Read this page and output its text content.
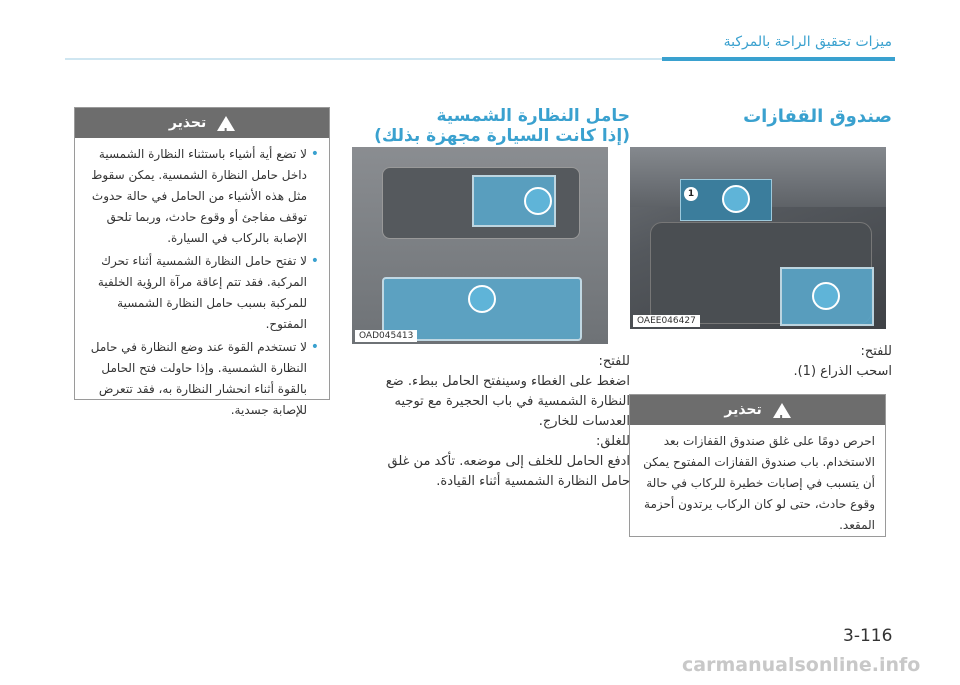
ميزات تحقيق الراحة بالمركبة
صندوق القفازات
1
OAEE046427
للفتح:
اسحب الذراع (1).
! تحذير
احرص دومًا على غلق صندوق القفازات بعد الاستخدام. باب صندوق القفازات المفتوح يمكن أن يتسبب في إصابات خطيرة للركاب في حالة وقوع حادث، حتى لو كان الركاب يرتدون أحزمة المقعد.
حامل النظارة الشمسية
(إذا كانت السيارة مجهزة بذلك)
OAD045413
للفتح:
اضغط على الغطاء وسينفتح الحامل ببطء. ضع النظارة الشمسية في باب الحجيرة مع توجيه العدسات للخارج.
للغلق:
ادفع الحامل للخلف إلى موضعه. تأكد من غلق حامل النظارة الشمسية أثناء القيادة.
! تحذير
• لا تضع أية أشياء باستثناء النظارة الشمسية داخل حامل النظارة الشمسية. يمكن سقوط مثل هذه الأشياء من الحامل في حالة حدوث توقف مفاجئ أو وقوع حادث، وربما تلحق الإصابة بالركاب في السيارة.
• لا تفتح حامل النظارة الشمسية أثناء تحرك المركبة. فقد تتم إعاقة مرآة الرؤية الخلفية للمركبة بسبب حامل النظارة الشمسية المفتوح.
• لا تستخدم القوة عند وضع النظارة في حامل النظارة الشمسية. وإذا حاولت فتح الحامل بالقوة أثناء انحشار النظارة به، فقد تتعرض للإصابة جسدية.
3-116
carmanualsonline.info
